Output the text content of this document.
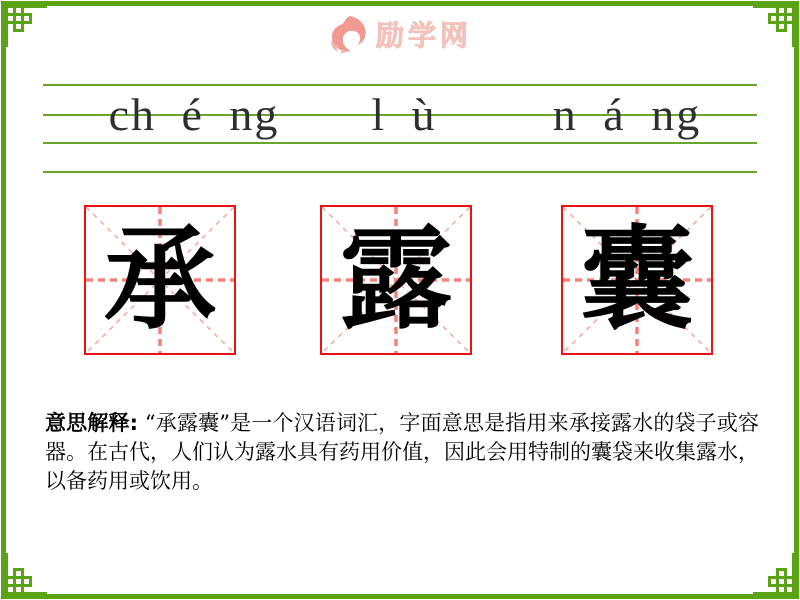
励学网
ch é ng l ù	n á ng
承 露 囊
意思解释: “承露囊”是一个汉语词汇，字面意思是指用来承接露水的袋子或容器。在古代，人们认为露水具有药用价值，因此会用特制的囊袋来收集露水，以备药用或饮用。
